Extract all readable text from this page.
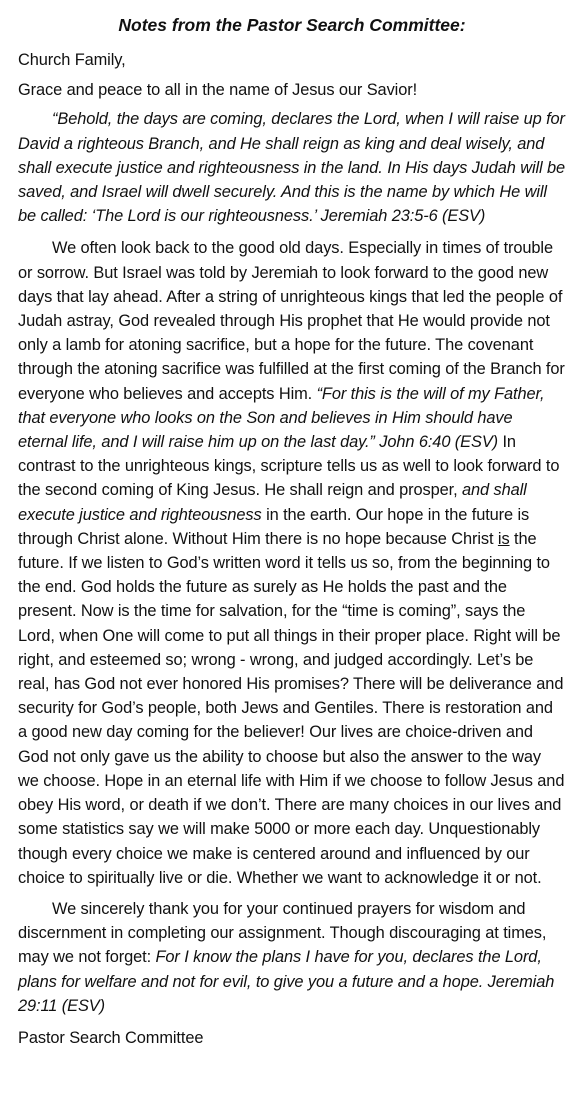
Notes from the Pastor Search Committee:

Church Family,

Grace and peace to all in the name of Jesus our Savior!

“Behold, the days are coming, declares the Lord, when I will raise up for David a righteous Branch, and He shall reign as king and deal wisely, and shall execute justice and righteousness in the land. In His days Judah will be saved, and Israel will dwell securely. And this is the name by which He will be called: ‘The Lord is our righteousness.’ Jeremiah 23:5-6 (ESV)

We often look back to the good old days. Especially in times of trouble or sorrow. But Israel was told by Jeremiah to look forward to the good new days that lay ahead. After a string of unrighteous kings that led the people of Judah astray, God revealed through His prophet that He would provide not only a lamb for atoning sacrifice, but a hope for the future. The covenant through the atoning sacrifice was fulfilled at the first coming of the Branch for everyone who believes and accepts Him. “For this is the will of my Father, that everyone who looks on the Son and believes in Him should have eternal life, and I will raise him up on the last day.” John 6:40 (ESV) In contrast to the unrighteous kings, scripture tells us as well to look forward to the second coming of King Jesus. He shall reign and prosper, and shall execute justice and righteousness in the earth. Our hope in the future is through Christ alone. Without Him there is no hope because Christ is the future. If we listen to God’s written word it tells us so, from the beginning to the end. God holds the future as surely as He holds the past and the present. Now is the time for salvation, for the “time is coming”, says the Lord, when One will come to put all things in their proper place. Right will be right, and esteemed so; wrong - wrong, and judged accordingly. Let’s be real, has God not ever honored His promises? There will be deliverance and security for God’s people, both Jews and Gentiles. There is restoration and a good new day coming for the believer! Our lives are choice-driven and God not only gave us the ability to choose but also the answer to the way we choose. Hope in an eternal life with Him if we choose to follow Jesus and obey His word, or death if we don’t. There are many choices in our lives and some statistics say we will make 5000 or more each day. Unquestionably though every choice we make is centered around and influenced by our choice to spiritually live or die. Whether we want to acknowledge it or not.

We sincerely thank you for your continued prayers for wisdom and discernment in completing our assignment. Though discouraging at times, may we not forget: For I know the plans I have for you, declares the Lord, plans for welfare and not for evil, to give you a future and a hope. Jeremiah 29:11 (ESV)

Pastor Search Committee
